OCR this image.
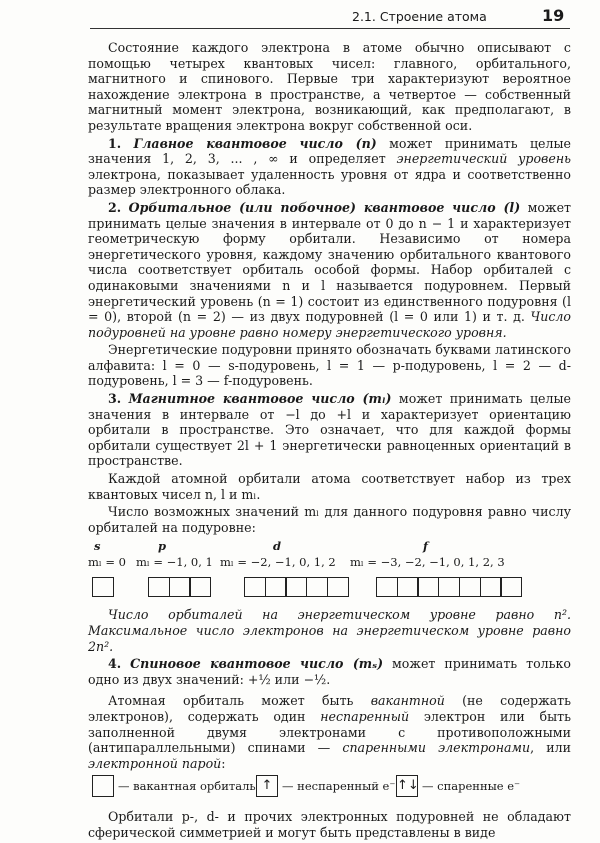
2.1. Строение атома	19

Состояние каждого электрона в атоме обычно описывают с помощью четырех квантовых чисел: главного, орбитального, магнитного и спинового. Первые три характеризуют вероятное нахождение электрона в пространстве, а четвертое — собственный магнитный момент электрона, возникающий, как предполагают, в результате вращения электрона вокруг собственной оси.

1. Главное квантовое число (n) может принимать целые значения 1, 2, 3, ... , ∞ и определяет энергетический уровень электрона, показывает удаленность уровня от ядра и соответственно размер электронного облака.

2. Орбитальное (или побочное) квантовое число (l) может принимать целые значения в интервале от 0 до n − 1 и характеризует геометрическую форму орбитали. Независимо от номера энергетического уровня, каждому значению орбитального квантового числа соответствует орбиталь особой формы. Набор орбиталей с одинаковыми значениями n и l называется подуровнем. Первый энергетический уровень (n = 1) состоит из единственного подуровня (l = 0), второй (n = 2) — из двух подуровней (l = 0 или 1) и т. д. Число подуровней на уровне равно номеру энергетического уровня.

Энергетические подуровни принято обозначать буквами латинского алфавита: l = 0 — s-подуровень, l = 1 — p-подуровень, l = 2 — d-подуровень, l = 3 — f-подуровень.

3. Магнитное квантовое число (mₗ) может принимать целые значения в интервале от −l до +l и характеризует ориентацию орбитали в пространстве. Это означает, что для каждой формы орбитали существует 2l + 1 энергетически равноценных ориентаций в пространстве.

Каждой атомной орбитали атома соответствует набор из трех квантовых чисел n, l и mₗ.

Число возможных значений mₗ для данного подуровня равно числу орбиталей на подуровне:

s	p	d	f
mₗ = 0 mₗ = −1, 0, 1 mₗ = −2, −1, 0, 1, 2 mₗ = −3, −2, −1, 0, 1, 2, 3

Число орбиталей на энергетическом уровне равно n². Максимальное число электронов на энергетическом уровне равно 2n².

4. Спиновое квантовое число (mₛ) может принимать только одно из двух значений: +½ или −½.

Атомная орбиталь может быть вакантной (не содержать электронов), содержать один неспаренный электрон или быть заполненной двумя электронами с противоположными (антипараллельными) спинами — спаренными электронами, или электронной парой:

— вакантная орбиталь ↑ — неспаренный e⁻ ↑↓ — спаренные e⁻

Орбитали p-, d- и прочих электронных подуровней не обладают сферической симметрией и могут быть представлены в виде
